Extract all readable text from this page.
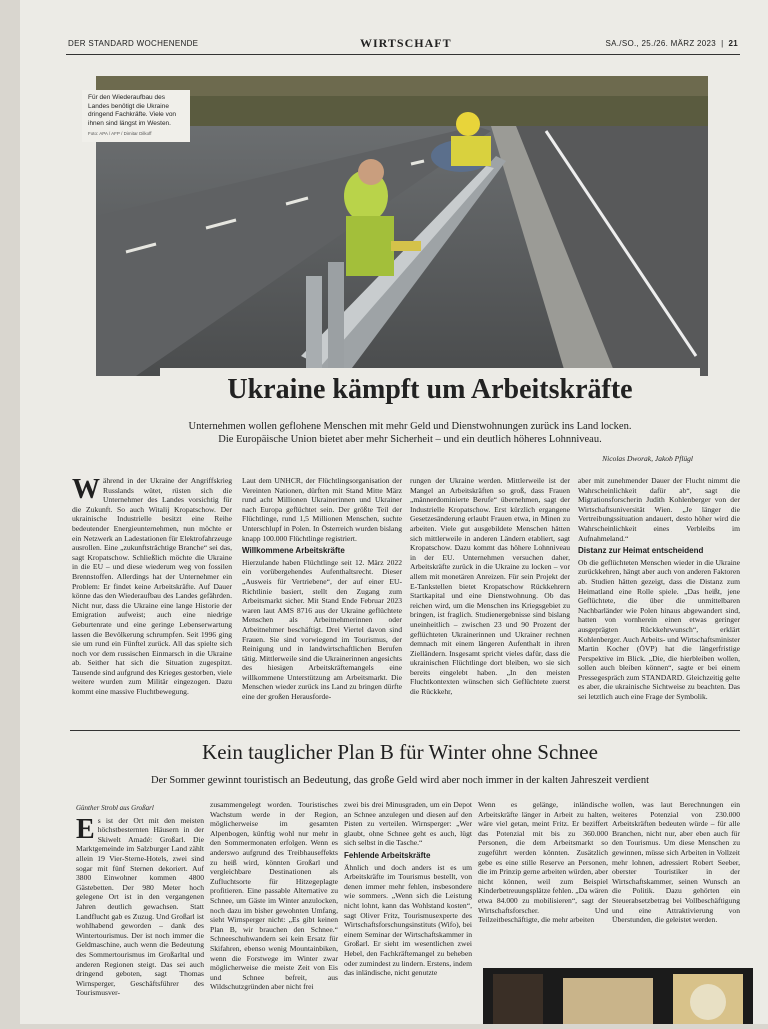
DER STANDARD WOCHENENDE	WIRTSCHAFT	SA./SO., 25./26. MÄRZ 2023  |  21
Für den Wiederaufbau des Landes benötigt die Ukraine dringend Fachkräfte. Viele von ihnen sind längst im Westen.
Foto: APA / AFP / Dimitar Dilkoff
Ukraine kämpft um Arbeitskräfte
Unternehmen wollen geflohene Menschen mit mehr Geld und Dienstwohnungen zurück ins Land locken.
Die Europäische Union bietet aber mehr Sicherheit – und ein deutlich höheres Lohnniveau.
Nicolas Dworak, Jakob Pflügl
W ährend in der Ukraine der Angriffskrieg Russlands wütet, rüsten sich die Unternehmer des Landes vorsichtig für die Zukunft. So auch Witalij Kropatschow. Der ukrainische Industrielle besitzt eine Reihe bedeutender Energieunternehmen, nun möchte er ein Netzwerk an Ladestationen für Elektrofahrzeuge ausrollen. Eine „zukunftsträchtige Branche“ sei das, sagt Kropatschow. Schließlich möchte die Ukraine in die EU – und diese wiederum weg von fossilen Brennstoffen. Allerdings hat der Unternehmer ein Problem: Er findet keine Arbeitskräfte. Auf Dauer könne das den Wiederaufbau des Landes gefährden. Nicht nur, dass die Ukraine eine lange Historie der Emigration aufweist; auch eine niedrige Geburtenrate und eine geringe Lebenserwartung lassen die Bevölkerung schrumpfen. Seit 1996 ging sie um rund ein Fünftel zurück. All das spielte sich noch vor dem russischen Einmarsch in die Ukraine ab. Seither hat sich die Situation zugespitzt. Tausende sind aufgrund des Krieges gestorben, viele weitere wurden zum Militär eingezogen. Dazu kommt eine massive Fluchtbewegung.

Laut dem UNHCR, der Flüchtlingsorganisation der Vereinten Nationen, dürften mit Stand Mitte März rund acht Millionen Ukrainerinnen und Ukrainer nach Europa geflüchtet sein. Der größte Teil der Flüchtlinge, rund 1,5 Millionen Menschen, suchte Unterschlupf in Polen. In Österreich wurden bislang knapp 100.000 Flüchtlinge registriert.

Willkommene Arbeitskräfte

Hierzulande haben Flüchtlinge seit 12. März 2022 ein vorübergehendes Aufenthaltsrecht. Dieser „Ausweis für Vertriebene“, der auf einer EU-Richtlinie basiert, stellt den Zugang zum Arbeitsmarkt sicher. Mit Stand Ende Februar 2023 waren laut AMS 8716 aus der Ukraine geflüchtete Menschen als Arbeitnehmerinnen oder Arbeitnehmer beschäftigt. Drei Viertel davon sind Frauen. Sie sind vorwiegend im Tourismus, der Reinigung und in landwirtschaftlichen Berufen tätig. Mittlerweile sind die Ukrainerinnen angesichts des hiesigen Arbeitskräftemangels eine willkommene Unterstützung am Arbeitsmarkt. Die Menschen wieder zurück ins Land zu bringen dürfte eine der großen Herausforde-

rungen der Ukraine werden. Mittlerweile ist der Mangel an Arbeitskräften so groß, dass Frauen „männerdominierte Berufe“ übernehmen, sagt der Industrielle Kropatschow. Erst kürzlich ergangene Gesetzesänderung erlaubt Frauen etwa, in Minen zu arbeiten. Viele gut ausgebildete Menschen hätten sich mittlerweile in anderen Ländern etabliert, sagt Kropatschow. Dazu kommt das höhere Lohnniveau in der EU. Unternehmen versuchen daher, Arbeitskräfte zurück in die Ukraine zu locken – vor allem mit monetären Anreizen. Für sein Projekt der E-Tankstellen bietet Kropatschow Rückkehrern Startkapital und eine Dienstwohnung. Ob das reichen wird, um die Menschen ins Kriegsgebiet zu bringen, ist fraglich. Studienergebnisse sind bislang uneinheitlich – zwischen 23 und 90 Prozent der geflüchteten Ukrainerinnen und Ukrainer rechnen demnach mit einem längeren Aufenthalt in ihren Zielländern. Insgesamt spricht vieles dafür, dass die ukrainischen Flüchtlinge dort bleiben, wo sie sich bereits eingelebt haben. „In den meisten Fluchtkontexten wünschen sich Geflüchtete zuerst die Rückkehr,

aber mit zunehmender Dauer der Flucht nimmt die Wahrscheinlichkeit dafür ab“, sagt die Migrationsforscherin Judith Kohlenberger von der Wirtschaftsuniversität Wien. „Je länger die Vertreibungssituation andauert, desto höher wird die Wahrscheinlichkeit eines Verbleibs im Aufnahmeland.“

Distanz zur Heimat entscheidend

Ob die geflüchteten Menschen wieder in die Ukraine zurückkehren, hängt aber auch von anderen Faktoren ab. Studien hätten gezeigt, dass die Distanz zum Heimatland eine Rolle spiele. „Das heißt, jene Geflüchtete, die über die unmittelbaren Nachbarländer wie Polen hinaus abgewandert sind, hatten von vornherein einen etwas geringer ausgeprägten Rückkehrwunsch“, erklärt Kohlenberger. Auch Arbeits- und Wirtschaftsminister Martin Kocher (ÖVP) hat die längerfristige Perspektive im Blick. „Die, die hierbleiben wollen, sollen auch bleiben können“, sagte er bei einem Pressegespräch zum STANDARD. Gleichzeitig gelte es aber, die ukrainische Sichtweise zu beachten. Das sei letztlich auch eine Frage der Symbolik.

Kein tauglicher Plan B für Winter ohne Schnee
Der Sommer gewinnt touristisch an Bedeutung, das große Geld wird aber noch immer in der kalten Jahreszeit verdient
Günther Strobl aus Großarl
E s ist der Ort mit den meisten höchstbesternten Häusern in der Skiwelt Amadé: Großarl. Die Marktgemeinde im Salzburger Land zählt allein 19 Vier-Sterne-Hotels, zwei sind sogar mit fünf Sternen dekoriert. Auf 3800 Einwohner kommen 4800 Gästebetten. Der 980 Meter hoch gelegene Ort ist in den vergangenen Jahren deutlich gewachsen. Statt Landflucht gab es Zuzug. Und Großarl ist wohlhabend geworden – dank des Wintertourismus. Der ist noch immer die Geldmaschine, auch wenn die Bedeutung des Sommertourismus im Großarltal und anderen Regionen steigt. Das sei auch dringend geboten, sagt Thomas Wirnsperger, Geschäftsführer des Tourismusver-

zusammengelegt worden. Touristisches Wachstum werde in der Region, möglicherweise im gesamten Alpenbogen, künftig wohl nur mehr in den Sommermonaten erfolgen. Wenn es anderswo aufgrund des Treibhauseffekts zu heiß wird, könnten Großarl und vergleichbare Destinationen als Zufluchtsorte für Hitzegeplagte profitieren. Eine passable Alternative zu Schnee, um Gäste im Winter anzulocken, noch dazu im bisher gewohnten Umfang, sieht Wirnsperger nicht: „Es gibt keinen Plan B, wir brauchen den Schnee.“ Schneeschuhwandern sei kein Ersatz für Skifahren, ebenso wenig Mountainbiken, wenn die Forstwege im Winter zwar möglicherweise die meiste Zeit von Eis und Schnee befreit, aus Wildschutzgründen aber nicht frei

zwei bis drei Minusgraden, um ein Depot an Schnee anzulegen und diesen auf den Pisten zu verteilen. Wirnsperger: „Wer glaubt, ohne Schnee geht es auch, lügt sich selbst in die Tasche.“

Fehlende Arbeitskräfte

Ähnlich und doch anders ist es um Arbeitskräfte im Tourismus bestellt, von denen immer mehr fehlen, insbesondere wie sommers. „Wenn sich die Leistung nicht lohnt, kann das Wohlstand kosten“, sagt Oliver Fritz, Tourismusexperte des Wirtschaftsforschungsinstituts (Wifo), bei einem Seminar der Wirtschaftskammer in Großarl. Er sieht im wesentlichen zwei Hebel, den Fachkräftemangel zu beheben oder zumindest zu lindern. Erstens, indem das inländische, nicht genutzte

Wenn es gelänge, inländische Arbeitskräfte länger in Arbeit zu halten, wäre viel getan, meint Fritz. Er beziffert das Potenzial mit bis zu 360.000 Personen, die dem Arbeitsmarkt so zugeführt werden könnten. Zusätzlich gebe es eine stille Reserve an Personen, die im Prinzip gerne arbeiten würden, aber nicht können, weil zum Beispiel Kinderbetreuungsplätze fehlen. „Da wären etwa 84.000 zu mobilisieren“, sagt der Wirtschaftsforscher. Und Teilzeitbeschäftigte, die mehr arbeiten

wollen, was laut Berechnungen ein weiteres Potenzial von 230.000 Arbeitskräften bedeuten würde – für alle Branchen, nicht nur, aber eben auch für den Tourismus. Um diese Menschen zu gewinnen, müsse sich Arbeiten in Vollzeit mehr lohnen, adressiert Robert Seeber, oberster Touristiker in der Wirtschaftskammer, seinen Wunsch an die Politik. Dazu gehörten ein Steuerabsetzbetrag bei Vollbeschäftigung und eine Attraktivierung von Überstunden, die geleistet werden.
